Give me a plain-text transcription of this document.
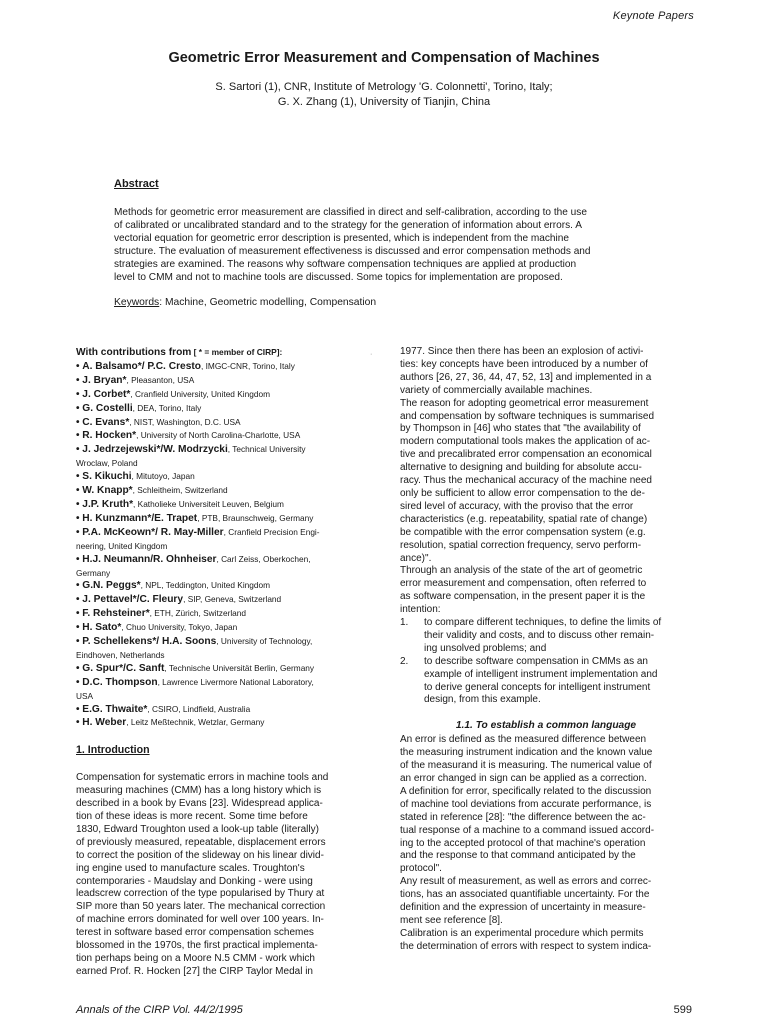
Keynote Papers
Geometric Error Measurement and Compensation of Machines
S. Sartori (1), CNR, Institute of Metrology 'G. Colonnetti', Torino, Italy;
G. X. Zhang (1), University of Tianjin, China
Abstract
Methods for geometric error measurement are classified in direct and self-calibration, according to the use
of calibrated or uncalibrated standard and to the strategy for the generation of information about errors. A
vectorial equation for geometric error description is presented, which is independent from the machine
structure. The evaluation of measurement effectiveness is discussed and error compensation methods and
strategies are examined. The reasons why software compensation techniques are applied at production
level to CMM and not to machine tools are discussed. Some topics for implementation are proposed.
Keywords: Machine, Geometric modelling, Compensation
·
With contributions from [ * = member of CIRP]:
• A. Balsamo*/ P.C. Cresto, IMGC-CNR, Torino, Italy
• J. Bryan*, Pleasanton, USA
• J. Corbet*, Cranfield University, United Kingdom
• G. Costelli, DEA, Torino, Italy
• C. Evans*, NIST, Washington, D.C. USA
• R. Hocken*, University of North Carolina-Charlotte, USA
• J. Jedrzejewski*/W. Modrzycki, Technical University
Wroclaw, Poland
• S. Kikuchi, Mitutoyo, Japan
• W. Knapp*, Schleitheim, Switzerland
• J.P. Kruth*, Katholieke Universiteit Leuven, Belgium
• H. Kunzmann*/E. Trapet, PTB, Braunschweig, Germany
• P.A. McKeown*/ R. May-Miller, Cranfield Precision Engi-
neering, United Kingdom
• H.J. Neumann/R. Ohnheiser, Carl Zeiss, Oberkochen,
Germany
• G.N. Peggs*, NPL, Teddington, United Kingdom
• J. Pettavel*/C. Fleury, SIP, Geneva, Switzerland
• F. Rehsteiner*, ETH, Zürich, Switzerland
• H. Sato*, Chuo University, Tokyo, Japan
• P. Schellekens*/ H.A. Soons, University of Technology,
Eindhoven, Netherlands
• G. Spur*/C. Sanft, Technische Universität Berlin, Germany
• D.C. Thompson, Lawrence Livermore National Laboratory,
USA
• E.G. Thwaite*, CSIRO, Lindfield, Australia
• H. Weber, Leitz Meßtechnik, Wetzlar, Germany
1. Introduction
Compensation for systematic errors in machine tools and
measuring machines (CMM) has a long history which is
described in a book by Evans [23]. Widespread applica-
tion of these ideas is more recent. Some time before
1830, Edward Troughton used a look-up table (literally)
of previously measured, repeatable, displacement errors
to correct the position of the slideway on his linear divid-
ing engine used to manufacture scales. Troughton's
contemporaries - Maudslay and Donking - were using
leadscrew correction of the type popularised by Thury at
SIP more than 50 years later. The mechanical correction
of machine errors dominated for well over 100 years. In-
terest in software based error compensation schemes
blossomed in the 1970s, the first practical implementa-
tion perhaps being on a Moore N.5 CMM - work which
earned Prof. R. Hocken [27] the CIRP Taylor Medal in
1977. Since then there has been an explosion of activi-
ties: key concepts have been introduced by a number of
authors [26, 27, 36, 44, 47, 52, 13] and implemented in a
variety of commercially available machines.
The reason for adopting geometrical error measurement
and compensation by software techniques is summarised
by Thompson in [46] who states that "the availability of
modern computational tools makes the application of ac-
tive and precalibrated error compensation an economical
alternative to designing and building for absolute accu-
racy. Thus the mechanical accuracy of the machine need
only be sufficient to allow error compensation to the de-
sired level of accuracy, with the proviso that the error
characteristics (e.g. repeatability, spatial rate of change)
be compatible with the error compensation system (e.g.
resolution, spatial correction frequency, servo perform-
ance)".
Through an analysis of the state of the art of geometric
error measurement and compensation, often referred to
as software compensation, in the present paper it is the
intention:
1. to compare different techniques, to define the limits of
their validity and costs, and to discuss other remain-
ing unsolved problems; and
2. to describe software compensation in CMMs as an
example of intelligent instrument implementation and
to derive general concepts for intelligent instrument
design, from this example.
1.1. To establish a common language
An error is defined as the measured difference between
the measuring instrument indication and the known value
of the measurand it is measuring. The numerical value of
an error changed in sign can be applied as a correction.
A definition for error, specifically related to the discussion
of machine tool deviations from accurate performance, is
stated in reference [28]: "the difference between the ac-
tual response of a machine to a command issued accord-
ing to the accepted protocol of that machine's operation
and the response to that command anticipated by the
protocol".
Any result of measurement, as well as errors and correc-
tions, has an associated quantifiable uncertainty. For the
definition and the expression of uncertainty in measure-
ment see reference [8].
Calibration is an experimental procedure which permits
the determination of errors with respect to system indica-
Annals of the CIRP Vol. 44/2/1995	599
